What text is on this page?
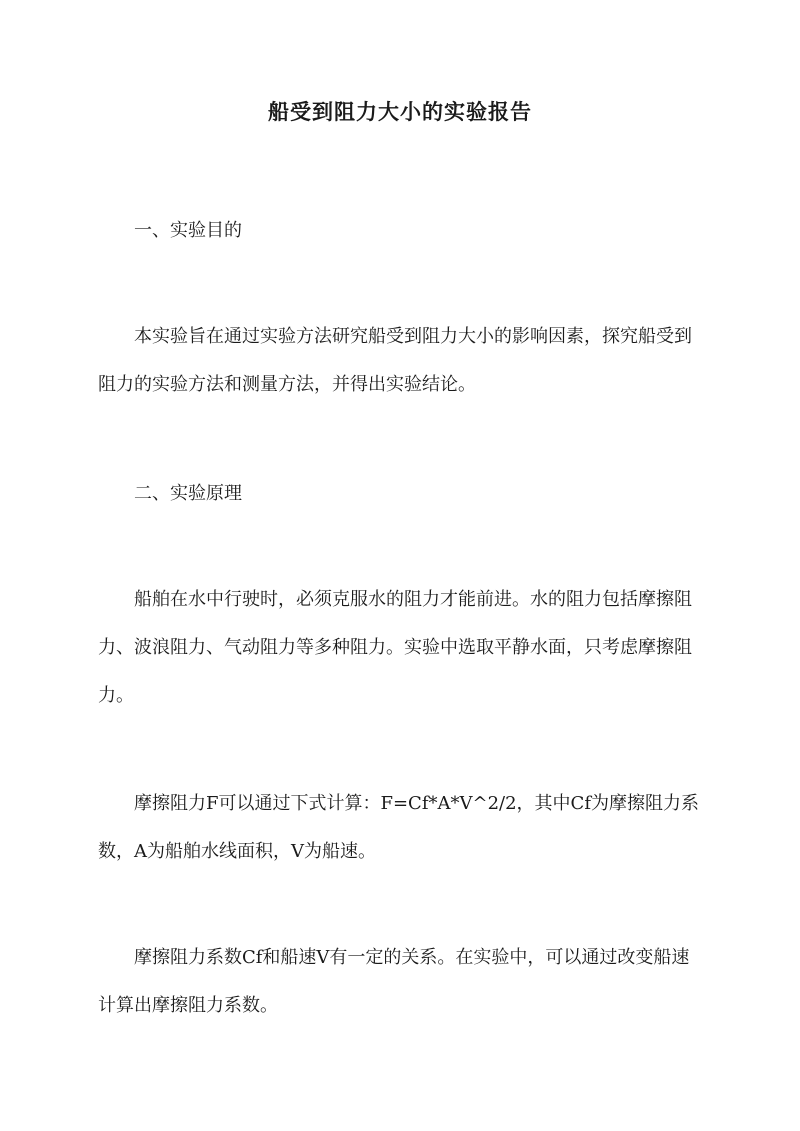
船受到阻力大小的实验报告

一、实验目的

本实验旨在通过实验方法研究船受到阻力大小的影响因素，探究船受到阻力的实验方法和测量方法，并得出实验结论。

二、实验原理

船舶在水中行驶时，必须克服水的阻力才能前进。水的阻力包括摩擦阻力、波浪阻力、气动阻力等多种阻力。实验中选取平静水面，只考虑摩擦阻力。

摩擦阻力F可以通过下式计算：F=Cf*A*V^2/2，其中Cf为摩擦阻力系数，A为船舶水线面积，V为船速。

摩擦阻力系数Cf和船速V有一定的关系。在实验中，可以通过改变船速计算出摩擦阻力系数。
